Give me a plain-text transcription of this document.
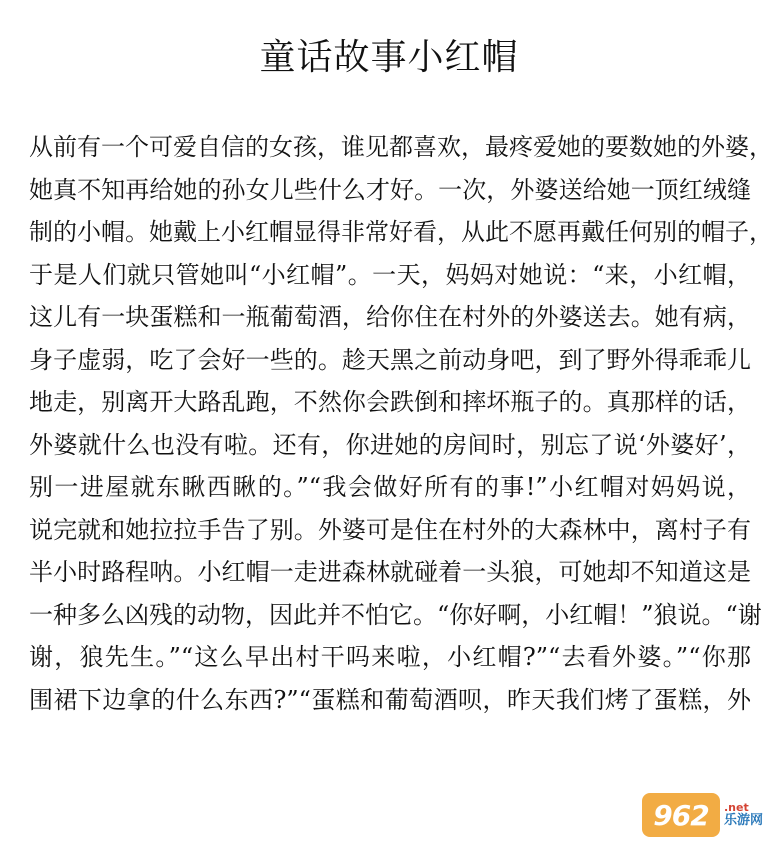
童话故事小红帽
从前有一个可爱自信的女孩，谁见都喜欢，最疼爱她的要数她的外婆，
她真不知再给她的孙女儿些什么才好。一次，外婆送给她一顶红绒缝
制的小帽。她戴上小红帽显得非常好看，从此不愿再戴任何别的帽子，
于是人们就只管她叫“小红帽”。一天，妈妈对她说：“来，小红帽，
这儿有一块蛋糕和一瓶葡萄酒，给你住在村外的外婆送去。她有病，
身子虚弱，吃了会好一些的。趁天黑之前动身吧，到了野外得乖乖儿
地走，别离开大路乱跑，不然你会跌倒和摔坏瓶子的。真那样的话，
外婆就什么也没有啦。还有，你进她的房间时，别忘了说‘外婆好’，
别一进屋就东瞅西瞅的。”“我会做好所有的事!”小红帽对妈妈说，
说完就和她拉拉手告了别。外婆可是住在村外的大森林中，离村子有
半小时路程呐。小红帽一走进森林就碰着一头狼，可她却不知道这是
一种多么凶残的动物，因此并不怕它。“你好啊，小红帽！”狼说。“谢
谢，狼先生。”“这么早出村干吗来啦，小红帽?”“去看外婆。”“你那
围裙下边拿的什么东西?”“蛋糕和葡萄酒呗，昨天我们烤了蛋糕，外
962	.net
乐游网
